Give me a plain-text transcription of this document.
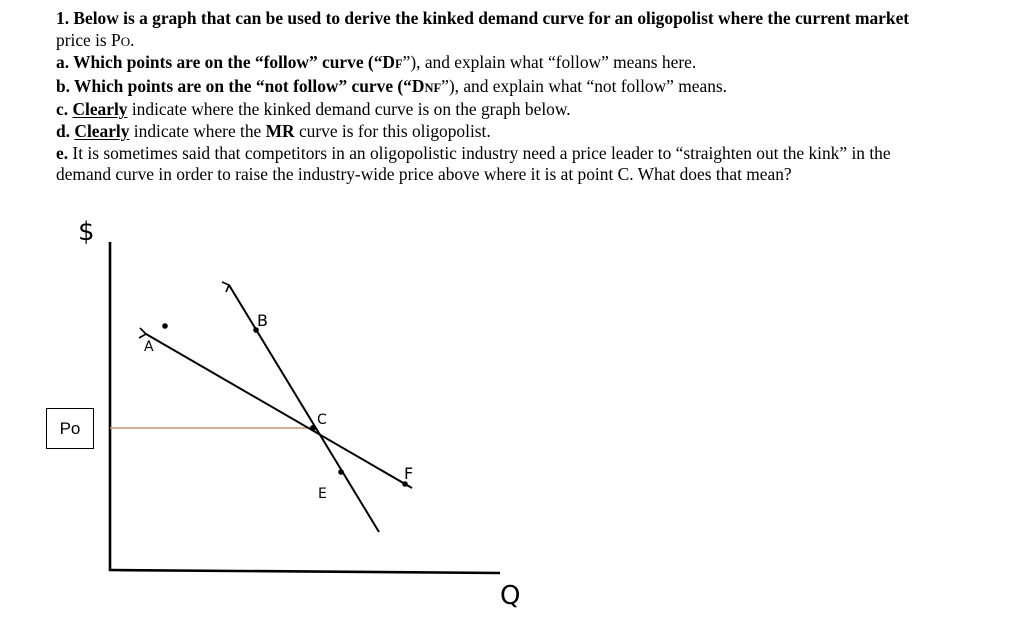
1. Below is a graph that can be used to derive the kinked demand curve for an oligopolist where the current market

price is PO.

a. Which points are on the “follow” curve (“DF”), and explain what “follow” means here.

b. Which points are on the “not follow” curve (“DNF”), and explain what “not follow” means.

c. Clearly indicate where the kinked demand curve is on the graph below.

d. Clearly indicate where the MR curve is for this oligopolist.

e. It is sometimes said that competitors in an oligopolistic industry need a price leader to “straighten out the kink” in the

demand curve in order to raise the industry-wide price above where it is at point C. What does that mean?

$
Q
A
B
C
E
F
Po
